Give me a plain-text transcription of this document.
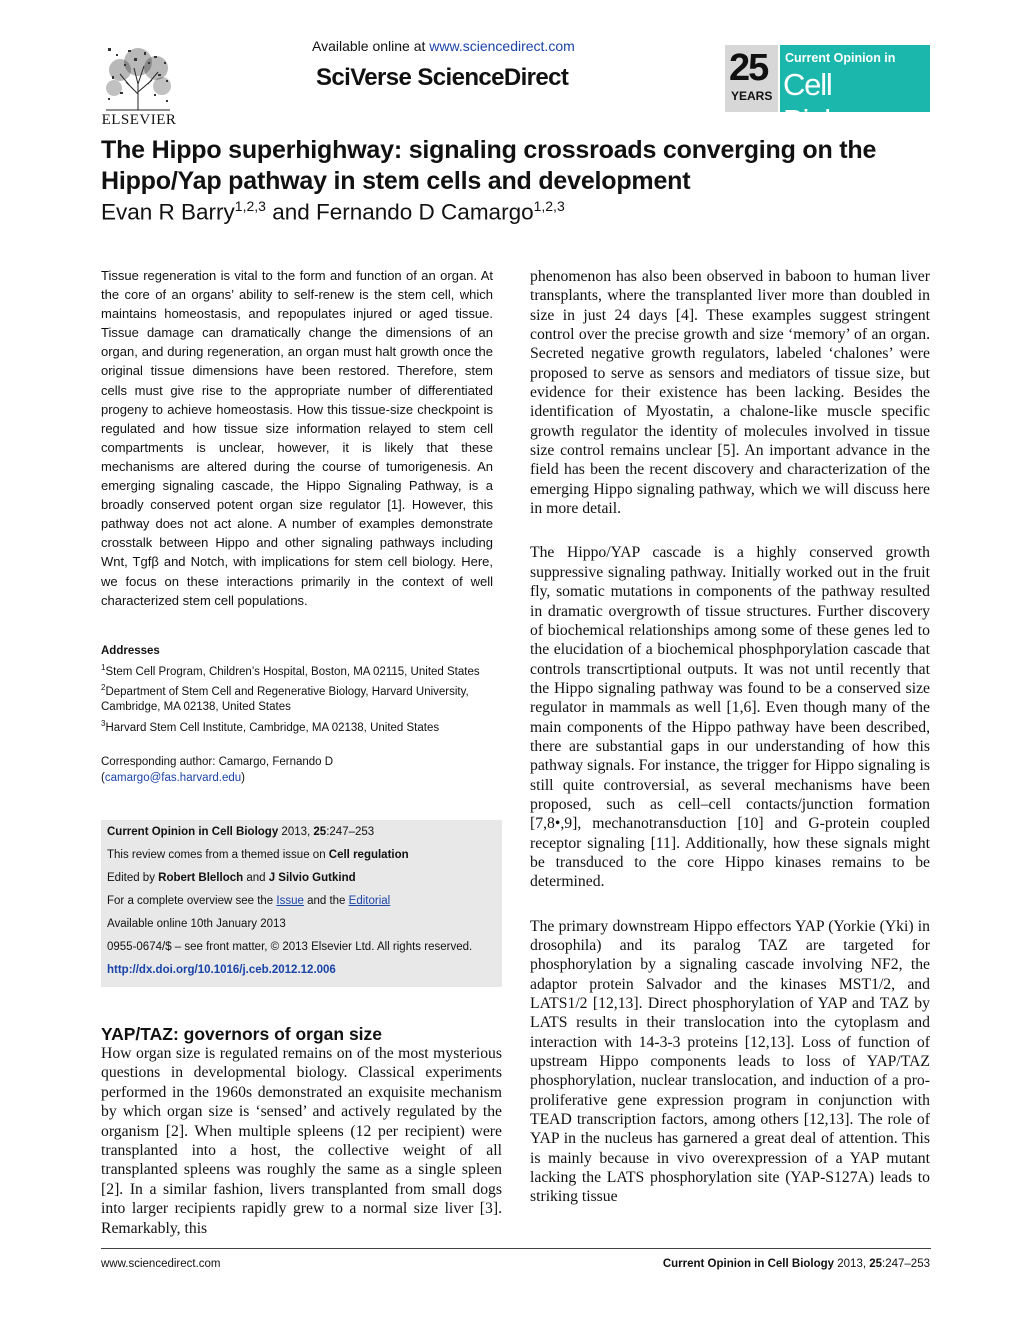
ELSEVIER
Available online at www.sciencedirect.com
SciVerse ScienceDirect	25
YEARS
Current Opinion in
Cell Biology
The Hippo superhighway: signaling crossroads converging on the Hippo/Yap pathway in stem cells and development
Evan R Barry$^{1,2,3}$ and Fernando D Camargo$^{1,2,3}$
Tissue regeneration is vital to the form and function of an organ. At the core of an organs’ ability to self-renew is the stem cell, which maintains homeostasis, and repopulates injured or aged tissue. Tissue damage can dramatically change the dimensions of an organ, and during regeneration, an organ must halt growth once the original tissue dimensions have been restored. Therefore, stem cells must give rise to the appropriate number of differentiated progeny to achieve homeostasis. How this tissue-size checkpoint is regulated and how tissue size information relayed to stem cell compartments is unclear, however, it is likely that these mechanisms are altered during the course of tumorigenesis. An emerging signaling cascade, the Hippo Signaling Pathway, is a broadly conserved potent organ size regulator [1]. However, this pathway does not act alone. A number of examples demonstrate crosstalk between Hippo and other signaling pathways including Wnt, Tgfβ and Notch, with implications for stem cell biology. Here, we focus on these interactions primarily in the context of well characterized stem cell populations.
Addresses
$^1$Stem Cell Program, Children’s Hospital, Boston, MA 02115, United States
$^2$Department of Stem Cell and Regenerative Biology, Harvard University, Cambridge, MA 02138, United States
$^3$Harvard Stem Cell Institute, Cambridge, MA 02138, United States
Corresponding author: Camargo, Fernando D
(camargo@fas.harvard.edu)
Current Opinion in Cell Biology 2013, 25:247–253
This review comes from a themed issue on Cell regulation
Edited by Robert Blelloch and J Silvio Gutkind
For a complete overview see the Issue and the Editorial
Available online 10th January 2013
0955-0674/$ – see front matter, © 2013 Elsevier Ltd. All rights reserved.
http://dx.doi.org/10.1016/j.ceb.2012.12.006
YAP/TAZ: governors of organ size
How organ size is regulated remains on of the most mysterious questions in developmental biology. Classical experiments performed in the 1960s demonstrated an exquisite mechanism by which organ size is ‘sensed’ and actively regulated by the organism [2]. When multiple spleens (12 per recipient) were transplanted into a host, the collective weight of all transplanted spleens was roughly the same as a single spleen [2]. In a similar fashion, livers transplanted from small dogs into larger recipients rapidly grew to a normal size liver [3]. Remarkably, this

phenomenon has also been observed in baboon to human liver transplants, where the transplanted liver more than doubled in size in just 24 days [4]. These examples suggest stringent control over the precise growth and size ‘memory’ of an organ. Secreted negative growth regulators, labeled ‘chalones’ were proposed to serve as sensors and mediators of tissue size, but evidence for their existence has been lacking. Besides the identification of Myostatin, a chalone-like muscle specific growth regulator the identity of molecules involved in tissue size control remains unclear [5]. An important advance in the field has been the recent discovery and characterization of the emerging Hippo signaling pathway, which we will discuss here in more detail.

The Hippo/YAP cascade is a highly conserved growth suppressive signaling pathway. Initially worked out in the fruit fly, somatic mutations in components of the pathway resulted in dramatic overgrowth of tissue structures. Further discovery of biochemical relationships among some of these genes led to the elucidation of a biochemical phosphporylation cascade that controls transcrtiptional outputs. It was not until recently that the Hippo signaling pathway was found to be a conserved size regulator in mammals as well [1,6]. Even though many of the main components of the Hippo pathway have been described, there are substantial gaps in our understanding of how this pathway signals. For instance, the trigger for Hippo signaling is still quite controversial, as several mechanisms have been proposed, such as cell–cell contacts/junction formation [7,8•,9], mechanotransduction [10] and G-protein coupled receptor signaling [11]. Additionally, how these signals might be transduced to the core Hippo kinases remains to be determined.

The primary downstream Hippo effectors YAP (Yorkie (Yki) in drosophila) and its paralog TAZ are targeted for phosphorylation by a signaling cascade involving NF2, the adaptor protein Salvador and the kinases MST1/2, and LATS1/2 [12,13]. Direct phosphorylation of YAP and TAZ by LATS results in their translocation into the cytoplasm and interaction with 14-3-3 proteins [12,13]. Loss of function of upstream Hippo components leads to loss of YAP/TAZ phosphorylation, nuclear translocation, and induction of a pro-proliferative gene expression program in conjunction with TEAD transcription factors, among others [12,13]. The role of YAP in the nucleus has garnered a great deal of attention. This is mainly because in vivo overexpression of a YAP mutant lacking the LATS phosphorylation site (YAP-S127A) leads to striking tissue

www.sciencedirect.com	Current Opinion in Cell Biology 2013, 25:247–253
